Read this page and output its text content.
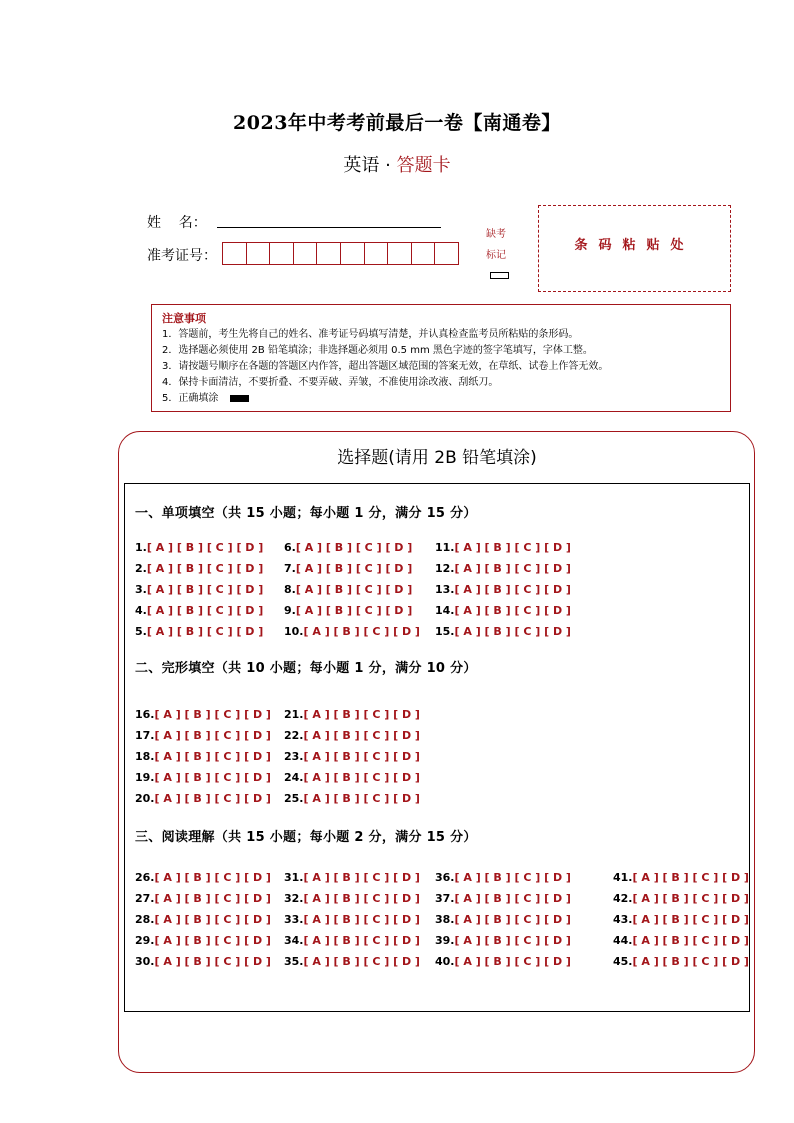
2023年中考考前最后一卷【南通卷】
英语 · 答题卡
姓    名：
准考证号：
缺考
标记
条码粘贴处
注意事项
1．答题前，考生先将自己的姓名、准考证号码填写清楚，并认真检查监考员所粘贴的条形码。
2．选择题必须使用 2B 铅笔填涂；非选择题必须用 0.5 mm 黑色字迹的签字笔填写，字体工整。
3．请按题号顺序在各题的答题区内作答，超出答题区域范围的答案无效，在草纸、试卷上作答无效。
4．保持卡面清洁，不要折叠、不要弄破、弄皱，不准使用涂改液、刮纸刀。
5．正确填涂
选择题(请用 2B 铅笔填涂)
一、单项填空（共 15 小题；每小题 1 分，满分 15 分）
二、完形填空（共 10 小题；每小题 1 分，满分 10 分）
三、阅读理解（共 15 小题；每小题 2 分，满分 15 分）
1.[ A ] [ B ] [ C ] [ D ]
2.[ A ] [ B ] [ C ] [ D ]
3.[ A ] [ B ] [ C ] [ D ]
4.[ A ] [ B ] [ C ] [ D ]
5.[ A ] [ B ] [ C ] [ D ]
6.[ A ] [ B ] [ C ] [ D ]
7.[ A ] [ B ] [ C ] [ D ]
8.[ A ] [ B ] [ C ] [ D ]
9.[ A ] [ B ] [ C ] [ D ]
10.[ A ] [ B ] [ C ] [ D ]
11.[ A ] [ B ] [ C ] [ D ]
12.[ A ] [ B ] [ C ] [ D ]
13.[ A ] [ B ] [ C ] [ D ]
14.[ A ] [ B ] [ C ] [ D ]
15.[ A ] [ B ] [ C ] [ D ]
16.[ A ] [ B ] [ C ] [ D ]
17.[ A ] [ B ] [ C ] [ D ]
18.[ A ] [ B ] [ C ] [ D ]
19.[ A ] [ B ] [ C ] [ D ]
20.[ A ] [ B ] [ C ] [ D ]
21.[ A ] [ B ] [ C ] [ D ]
22.[ A ] [ B ] [ C ] [ D ]
23.[ A ] [ B ] [ C ] [ D ]
24.[ A ] [ B ] [ C ] [ D ]
25.[ A ] [ B ] [ C ] [ D ]
26.[ A ] [ B ] [ C ] [ D ]
27.[ A ] [ B ] [ C ] [ D ]
28.[ A ] [ B ] [ C ] [ D ]
29.[ A ] [ B ] [ C ] [ D ]
30.[ A ] [ B ] [ C ] [ D ]
31.[ A ] [ B ] [ C ] [ D ]
32.[ A ] [ B ] [ C ] [ D ]
33.[ A ] [ B ] [ C ] [ D ]
34.[ A ] [ B ] [ C ] [ D ]
35.[ A ] [ B ] [ C ] [ D ]
36.[ A ] [ B ] [ C ] [ D ]
37.[ A ] [ B ] [ C ] [ D ]
38.[ A ] [ B ] [ C ] [ D ]
39.[ A ] [ B ] [ C ] [ D ]
40.[ A ] [ B ] [ C ] [ D ]
41.[ A ] [ B ] [ C ] [ D ]
42.[ A ] [ B ] [ C ] [ D ]
43.[ A ] [ B ] [ C ] [ D ]
44.[ A ] [ B ] [ C ] [ D ]
45.[ A ] [ B ] [ C ] [ D ]
